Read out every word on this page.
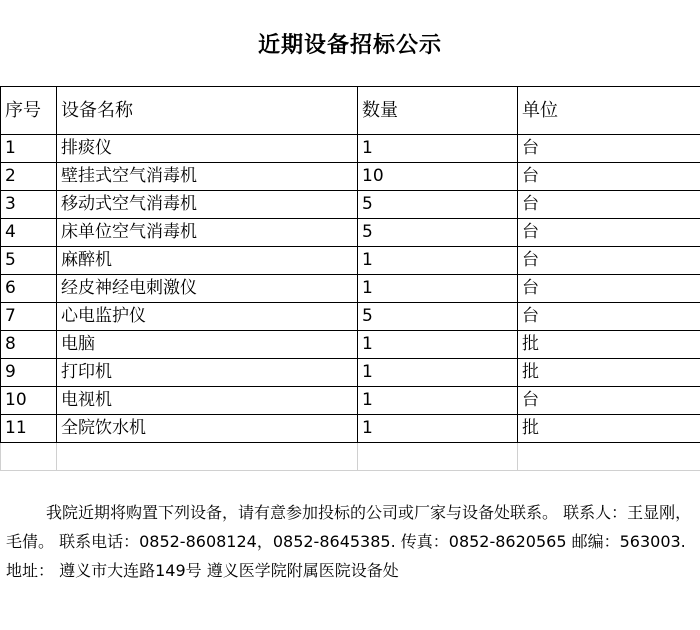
近期设备招标公示
序号	设备名称	数量	单位
1	排痰仪	1	台
2	壁挂式空气消毒机	10	台
3	移动式空气消毒机	5	台
4	床单位空气消毒机	5	台
5	麻醉机	1	台
6	经皮神经电刺激仪	1	台
7	心电监护仪	5	台
8	电脑	1	批
9	打印机	1	批
10	电视机	1	台
11	全院饮水机	1	批

我院近期将购置下列设备，请有意参加投标的公司或厂家与设备处联系。 联系人：王显刚，毛倩。 联系电话：0852-8608124，0852-8645385. 传真：0852-8620565 邮编：563003. 地址： 遵义市大连路149号 遵义医学院附属医院设备处
